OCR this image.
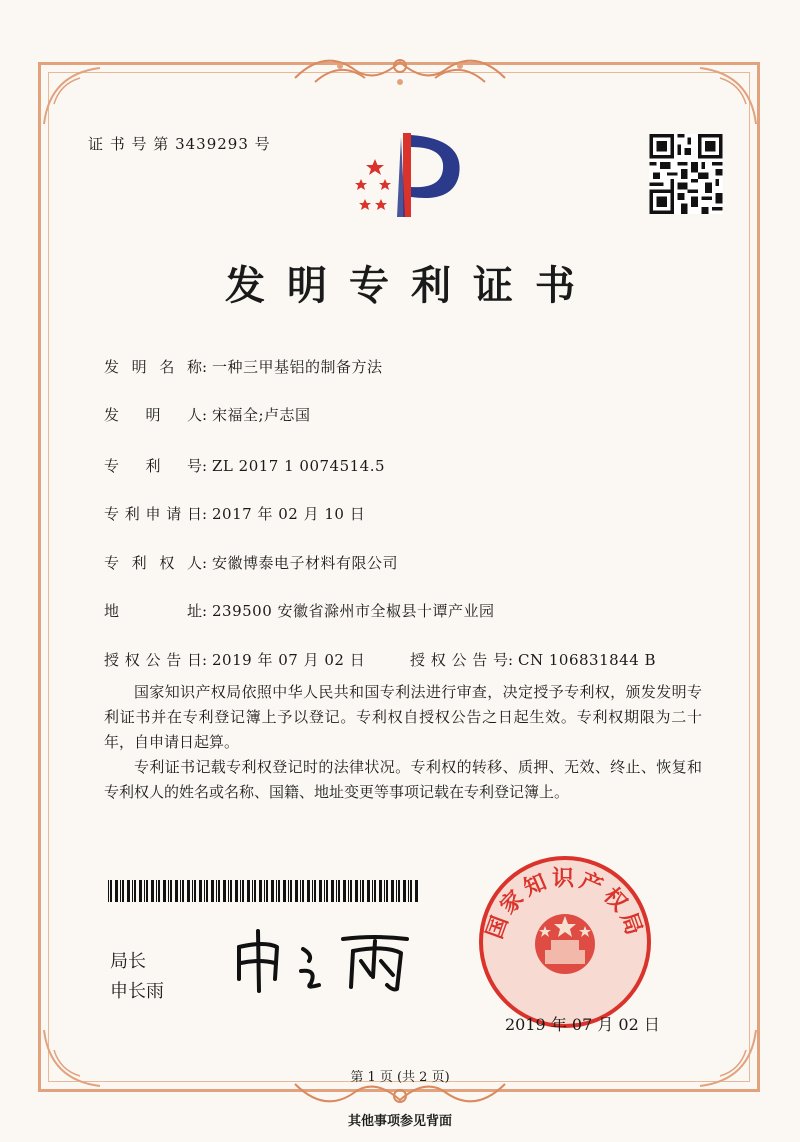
证 书 号 第 3439293 号
发明专利证书
发明名称 : 一种三甲基铝的制备方法
发明人 : 宋福全;卢志国
专利号 : ZL 2017 1 0074514.5
专利申请日 : 2017 年 02 月 10 日
专利权人 : 安徽博泰电子材料有限公司
地址 : 239500 安徽省滁州市全椒县十谭产业园
授权公告日 : 2019 年 07 月 02 日	授权公告号 : CN 106831844 B

国家知识产权局依照中华人民共和国专利法进行审查，决定授予专利权，颁发发明专利证书并在专利登记簿上予以登记。专利权自授权公告之日起生效。专利权期限为二十年，自申请日起算。

专利证书记载专利权登记时的法律状况。专利权的转移、质押、无效、终止、恢复和专利权人的姓名或名称、国籍、地址变更等事项记载在专利登记簿上。

局长
申长雨
国家知识产权局
2019 年 07 月 02 日
第 1 页 (共 2 页)
其他事项参见背面
